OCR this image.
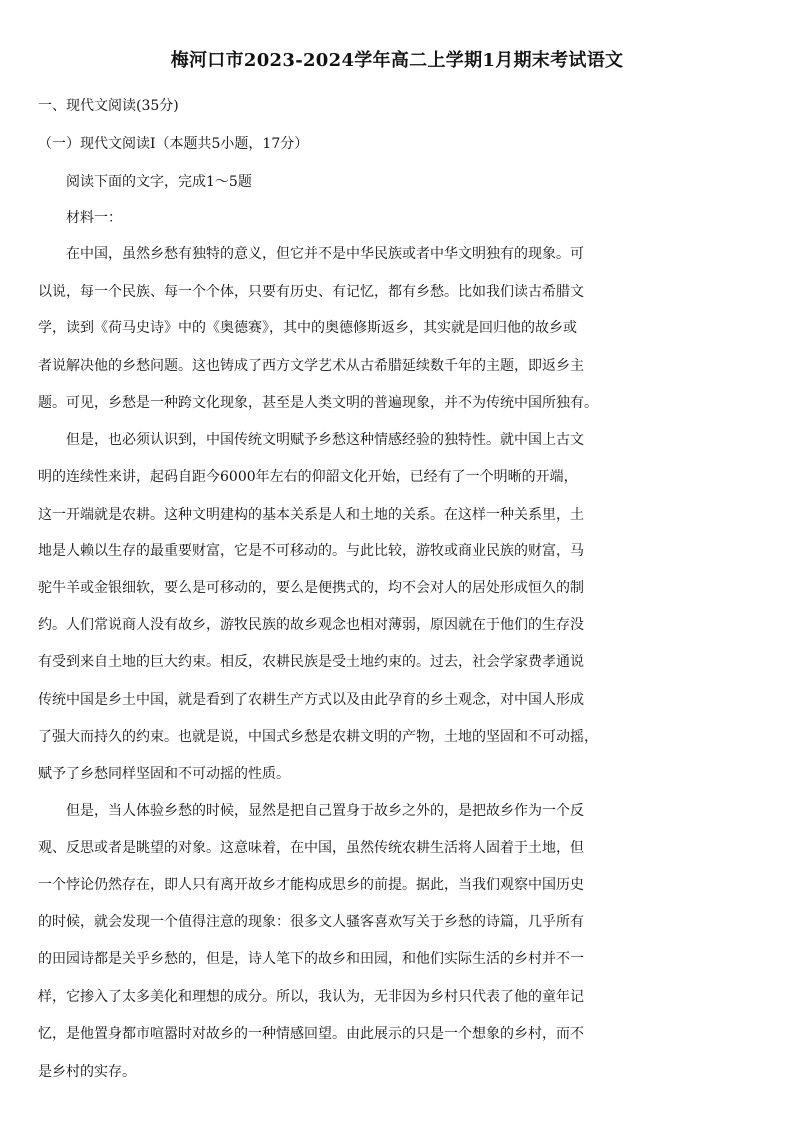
梅河口市2023-2024学年高二上学期1月期末考试语文
一、现代文阅读(35分)
（一）现代文阅读Ⅰ（本题共5小题，17分）
阅读下面的文字，完成1～5题
材料一：
在中国，虽然乡愁有独特的意义，但它并不是中华民族或者中华文明独有的现象。可
以说，每一个民族、每一个个体，只要有历史、有记忆，都有乡愁。比如我们读古希腊文
学，读到《荷马史诗》中的《奥德赛》，其中的奥德修斯返乡，其实就是回归他的故乡或
者说解决他的乡愁问题。这也铸成了西方文学艺术从古希腊延续数千年的主题，即返乡主
题。可见，乡愁是一种跨文化现象，甚至是人类文明的普遍现象，并不为传统中国所独有。
但是，也必须认识到，中国传统文明赋予乡愁这种情感经验的独特性。就中国上古文
明的连续性来讲，起码自距今6000年左右的仰韶文化开始，已经有了一个明晰的开端，
这一开端就是农耕。这种文明建构的基本关系是人和土地的关系。在这样一种关系里，土
地是人赖以生存的最重要财富，它是不可移动的。与此比较，游牧或商业民族的财富，马
驼牛羊或金银细软，要么是可移动的，要么是便携式的，均不会对人的居处形成恒久的制
约。人们常说商人没有故乡，游牧民族的故乡观念也相对薄弱，原因就在于他们的生存没
有受到来自土地的巨大约束。相反，农耕民族是受土地约束的。过去，社会学家费孝通说
传统中国是乡土中国，就是看到了农耕生产方式以及由此孕育的乡土观念，对中国人形成
了强大而持久的约束。也就是说，中国式乡愁是农耕文明的产物，土地的坚固和不可动摇，
赋予了乡愁同样坚固和不可动摇的性质。
但是，当人体验乡愁的时候，显然是把自己置身于故乡之外的，是把故乡作为一个反
观、反思或者是眺望的对象。这意味着，在中国，虽然传统农耕生活将人固着于土地，但
一个悖论仍然存在，即人只有离开故乡才能构成思乡的前提。据此，当我们观察中国历史
的时候，就会发现一个值得注意的现象：很多文人骚客喜欢写关于乡愁的诗篇，几乎所有
的田园诗都是关乎乡愁的，但是，诗人笔下的故乡和田园，和他们实际生活的乡村并不一
样，它掺入了太多美化和理想的成分。所以，我认为，无非因为乡村只代表了他的童年记
忆，是他置身都市喧嚣时对故乡的一种情感回望。由此展示的只是一个想象的乡村，而不
是乡村的实存。
